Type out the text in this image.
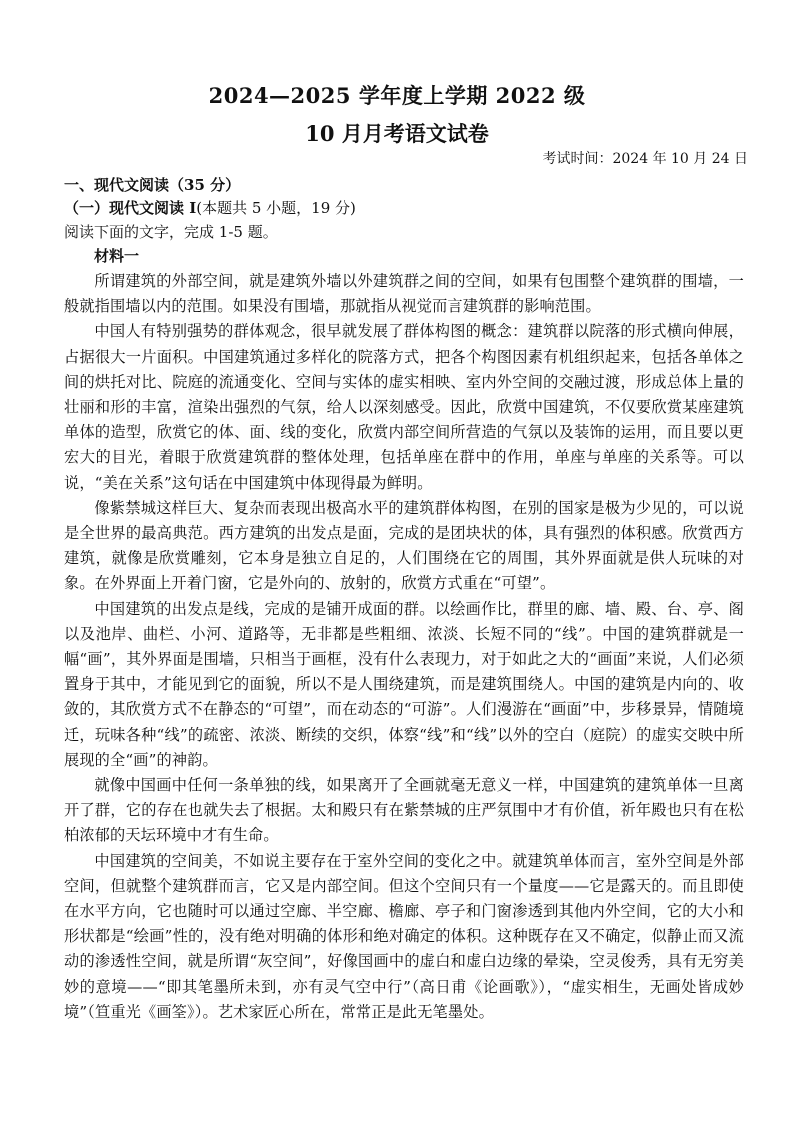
2024—2025 学年度上学期 2022 级
10 月月考语文试卷
考试时间：2024 年 10 月 24 日
一、现代文阅读（35 分）
（一）现代文阅读 I(本题共 5 小题，19 分)
阅读下面的文字，完成 1-5 题。
材料一

所谓建筑的外部空间，就是建筑外墙以外建筑群之间的空间，如果有包围整个建筑群的围墙，一般就指围墙以内的范围。如果没有围墙，那就指从视觉而言建筑群的影响范围。

中国人有特别强势的群体观念，很早就发展了群体构图的概念：建筑群以院落的形式横向伸展，占据很大一片面积。中国建筑通过多样化的院落方式，把各个构图因素有机组织起来，包括各单体之间的烘托对比、院庭的流通变化、空间与实体的虚实相映、室内外空间的交融过渡，形成总体上量的壮丽和形的丰富，渲染出强烈的气氛，给人以深刻感受。因此，欣赏中国建筑，不仅要欣赏某座建筑单体的造型，欣赏它的体、面、线的变化，欣赏内部空间所营造的气氛以及装饰的运用，而且要以更宏大的目光，着眼于欣赏建筑群的整体处理，包括单座在群中的作用，单座与单座的关系等。可以说，“美在关系”这句话在中国建筑中体现得最为鲜明。

像紫禁城这样巨大、复杂而表现出极高水平的建筑群体构图，在别的国家是极为少见的，可以说是全世界的最高典范。西方建筑的出发点是面，完成的是团块状的体，具有强烈的体积感。欣赏西方建筑，就像是欣赏雕刻，它本身是独立自足的，人们围绕在它的周围，其外界面就是供人玩味的对象。在外界面上开着门窗，它是外向的、放射的，欣赏方式重在“可望”。

中国建筑的出发点是线，完成的是铺开成面的群。以绘画作比，群里的廊、墙、殿、台、亭、阁以及池岸、曲栏、小河、道路等，无非都是些粗细、浓淡、长短不同的“线”。中国的建筑群就是一幅“画”，其外界面是围墙，只相当于画框，没有什么表现力，对于如此之大的“画面”来说，人们必须置身于其中，才能见到它的面貌，所以不是人围绕建筑，而是建筑围绕人。中国的建筑是内向的、收敛的，其欣赏方式不在静态的“可望”，而在动态的“可游”。人们漫游在“画面”中，步移景异，情随境迁，玩味各种“线”的疏密、浓淡、断续的交织，体察“线”和“线”以外的空白（庭院）的虚实交映中所展现的全“画”的神韵。

就像中国画中任何一条单独的线，如果离开了全画就毫无意义一样，中国建筑的建筑单体一旦离开了群，它的存在也就失去了根据。太和殿只有在紫禁城的庄严氛围中才有价值，祈年殿也只有在松柏浓郁的天坛环境中才有生命。

中国建筑的空间美，不如说主要存在于室外空间的变化之中。就建筑单体而言，室外空间是外部空间，但就整个建筑群而言，它又是内部空间。但这个空间只有一个量度——它是露天的。而且即使在水平方向，它也随时可以通过空廊、半空廊、檐廊、亭子和门窗渗透到其他内外空间，它的大小和形状都是“绘画”性的，没有绝对明确的体形和绝对确定的体积。这种既存在又不确定，似静止而又流动的渗透性空间，就是所谓“灰空间”，好像国画中的虚白和虚白边缘的晕染，空灵俊秀，具有无穷美妙的意境——“即其笔墨所未到，亦有灵气空中行”（高日甫《论画歌》），“虚实相生，无画处皆成妙境”（笪重光《画筌》）。艺术家匠心所在，常常正是此无笔墨处。
